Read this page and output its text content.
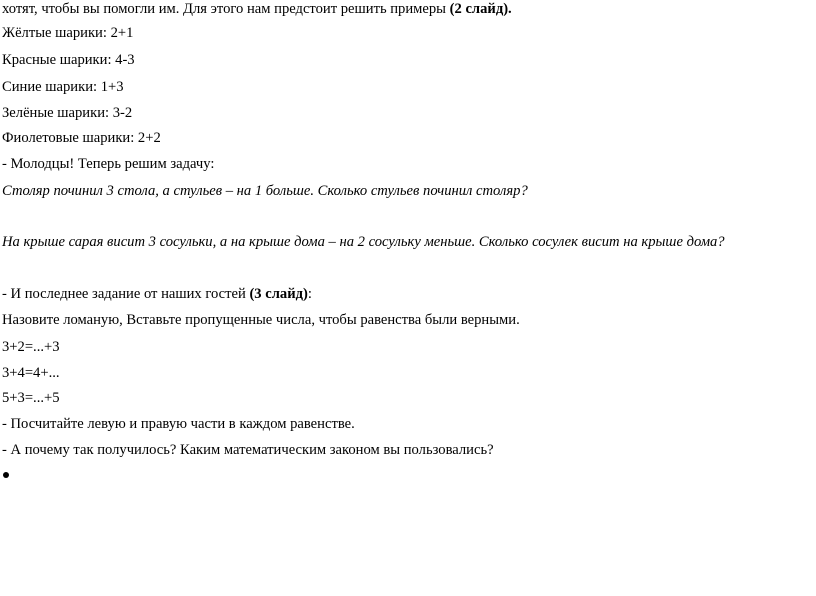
хотят, чтобы вы помогли им. Для этого нам предстоит решить примеры (2 слайд).
Жёлтые шарики: 2+1
Красные шарики: 4-3
Синие шарики: 1+3
Зелёные шарики: 3-2
Фиолетовые шарики: 2+2
- Молодцы! Теперь решим задачу:
Столяр починил 3 стола, а стульев – на 1 больше. Сколько стульев починил столяр?
На крыше сарая висит 3 сосульки, а на крыше дома – на 2 сосульку меньше. Сколько сосулек висит на крыше дома?
- И последнее задание от наших гостей (3 слайд):
Назовите ломаную, Вставьте пропущенные числа, чтобы равенства были верными.
3+2=...+3
3+4=4+...
5+3=...+5
- Посчитайте левую и правую части в каждом равенстве.
- А почему так получилось? Каким математическим законом вы пользовались?
